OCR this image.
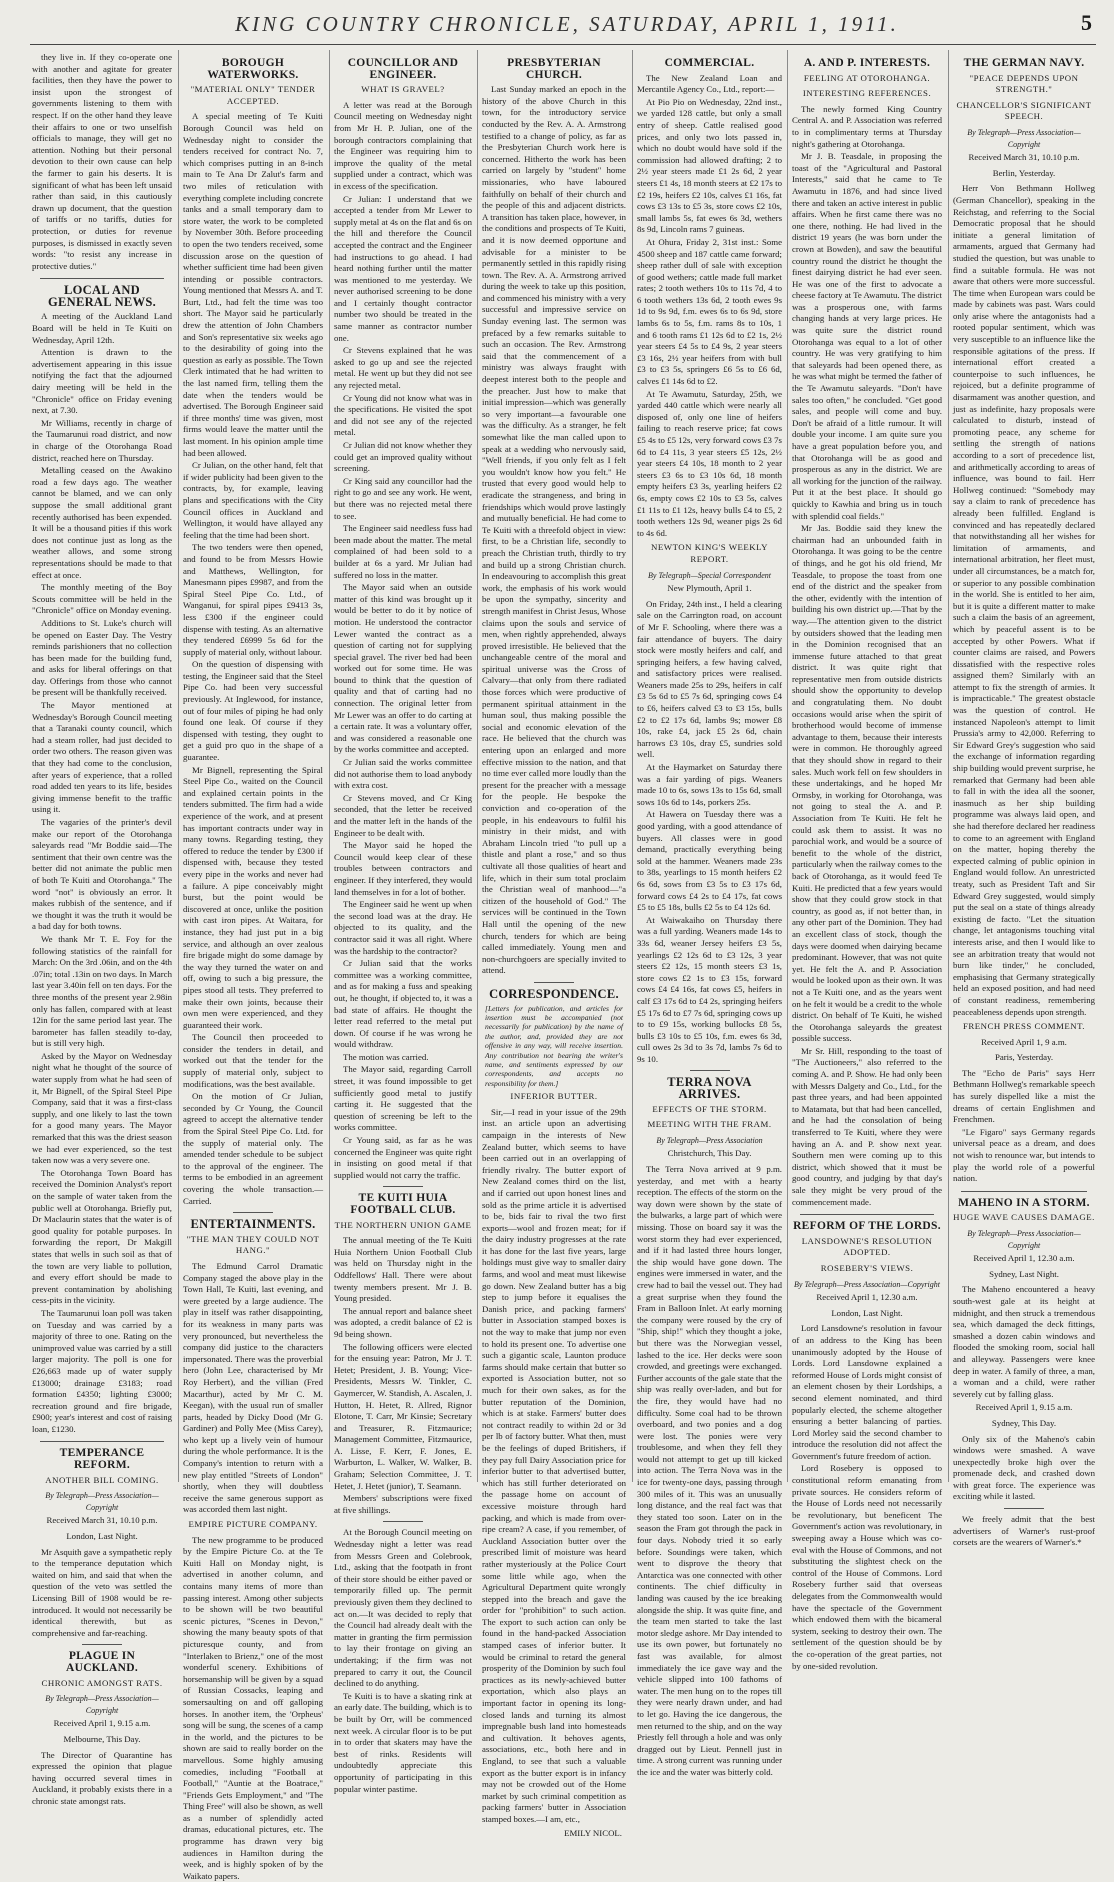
KING COUNTRY CHRONICLE, SATURDAY, APRIL 1, 1911.	5

they live in. If they co-operate one with another and agitate for greater facilities, then they have the power to insist upon the strongest of governments listening to them with respect. If on the other hand they leave their affairs to one or two unselfish officials to manage, they will get no attention. Nothing but their personal devotion to their own cause can help the farmer to gain his deserts. It is significant of what has been left unsaid rather than said, in this cautiously drawn up document, that the question of tariffs or no tariffs, duties for protection, or duties for revenue purposes, is dismissed in exactly seven words: "to resist any increase in protective duties."

LOCAL AND GENERAL NEWS.

A meeting of the Auckland Land Board will be held in Te Kuiti on Wednesday, April 12th.

Attention is drawn to the advertisement appearing in this issue notifying the fact that the adjourned dairy meeting will be held in the "Chronicle" office on Friday evening next, at 7.30.

Mr Williams, recently in charge of the Taumarunui road district, and now in charge of the Otorohanga Road district, reached here on Thursday.

Metalling ceased on the Awakino road a few days ago. The weather cannot be blamed, and we can only suppose the small additional grant recently authorised has been expended. It will be a thousand pities if this work does not continue just as long as the weather allows, and some strong representations should be made to that effect at once.

The monthly meeting of the Boy Scouts committee will be held in the "Chronicle" office on Monday evening.

Additions to St. Luke's church will be opened on Easter Day. The Vestry reminds parishioners that no collection has been made for the building fund, and asks for liberal offerings on that day. Offerings from those who cannot be present will be thankfully received.

The Mayor mentioned at Wednesday's Borough Council meeting that a Taranaki county council, which had a steam roller, had just decided to order two others. The reason given was that they had come to the conclusion, after years of experience, that a rolled road added ten years to its life, besides giving immense benefit to the traffic using it.

The vagaries of the printer's devil make our report of the Otorohanga saleyards read "Mr Boddie said—The sentiment that their own centre was the better did not animate the public men of both Te Kuiti and Otorohanga." The word "not" is obviously an error. It makes rubbish of the sentence, and if we thought it was the truth it would be a bad day for both towns.

We thank Mr T. E. Foy for the following statistics of the rainfall for March: On the 3rd .06in, and on the 4th .07in; total .13in on two days. In March last year 3.40in fell on ten days. For the three months of the present year 2.98in only has fallen, compared with at least 12in for the same period last year. The barometer has fallen steadily to-day, but is still very high.

Asked by the Mayor on Wednesday night what he thought of the source of water supply from what he had seen of it, Mr Bignell, of the Spiral Steel Pipe Company, said that it was a first-class supply, and one likely to last the town for a good many years. The Mayor remarked that this was the driest season we had ever experienced, so the test taken now was a very severe one.

The Otorohanga Town Board has received the Dominion Analyst's report on the sample of water taken from the public well at Otorohanga. Briefly put, Dr Maclaurin states that the water is of good quality for potable purposes. In forwarding the report, Dr Makgill states that wells in such soil as that of the town are very liable to pollution, and every effort should be made to prevent contamination by abolishing cess-pits in the vicinity.

The Taumarunui loan poll was taken on Tuesday and was carried by a majority of three to one. Rating on the unimproved value was carried by a still larger majority. The poll is one for £26,663 made up of water supply £13000; drainage £3183; road formation £4350; lighting £3000; recreation ground and fire brigade, £900; year's interest and cost of raising loan, £1230.

TEMPERANCE REFORM.
ANOTHER BILL COMING.
By Telegraph—Press Association—Copyright
Received March 31, 10.10 p.m.
London, Last Night.

Mr Asquith gave a sympathetic reply to the temperance deputation which waited on him, and said that when the question of the veto was settled the Licensing Bill of 1908 would be re-introduced. It would not necessarily be identical therewith, but as comprehensive and far-reaching.

PLAGUE IN AUCKLAND.
CHRONIC AMONGST RATS.
By Telegraph—Press Association—Copyright
Received April 1, 9.15 a.m.
Melbourne, This Day.

The Director of Quarantine has expressed the opinion that plague having occurred several times in Auckland, it probably exists there in a chronic state amongst rats.

BOROUGH WATERWORKS.
"MATERIAL ONLY" TENDER ACCEPTED.

A special meeting of Te Kuiti Borough Council was held on Wednesday night to consider the tenders received for contract No. 7, which comprises putting in an 8-inch main to Te Ana Dr Zalut's farm and two miles of reticulation with everything complete including concrete tanks and a small temporary dam to store water, the work to be completed by November 30th. Before proceeding to open the two tenders received, some discussion arose on the question of whether sufficient time had been given intending or possible contractors. Young mentioned that Messrs A. and T. Burt, Ltd., had felt the time was too short. The Mayor said he particularly drew the attention of John Chambers and Son's representative six weeks ago to the desirability of going into the question as early as possible. The Town Clerk intimated that he had written to the last named firm, telling them the date when the tenders would be advertised. The Borough Engineer said if three months' time was given, most firms would leave the matter until the last moment. In his opinion ample time had been allowed.

Cr Julian, on the other hand, felt that if wider publicity had been given to the contracts, by, for example, leaving plans and specifications with the City Council offices in Auckland and Wellington, it would have allayed any feeling that the time had been short.

The two tenders were then opened, and found to be from Messrs Howie and Matthews, Wellington, for Manesmann pipes £9987, and from the Spiral Steel Pipe Co. Ltd., of Wanganui, for spiral pipes £9413 3s, less £300 if the engineer could dispense with testing. As an alternative they tendered £6999 5s 6d for the supply of material only, without labour.

On the question of dispensing with testing, the Engineer said that the Steel Pipe Co. had been very successful previously. At Inglewood, for instance, out of four miles of piping he had only found one leak. Of course if they dispensed with testing, they ought to get a guid pro quo in the shape of a guarantee.

Mr Bignell, representing the Spiral Steel Pipe Co., waited on the Council and explained certain points in the tenders submitted. The firm had a wide experience of the work, and at present has important contracts under way in many towns. Regarding testing, they offered to reduce the tender by £300 if dispensed with, because they tested every pipe in the works and never had a failure. A pipe conceivably might burst, but the point would be discovered at once, unlike the position with cast iron pipes. At Waitara, for instance, they had just put in a big service, and although an over zealous fire brigade might do some damage by the way they turned the water on and off, owing to such a big pressure, the pipes stood all tests. They preferred to make their own joints, because their own men were experienced, and they guaranteed their work.

The Council then proceeded to consider the tenders in detail, and worked out that the tender for the supply of material only, subject to modifications, was the best available.

On the motion of Cr Julian, seconded by Cr Young, the Council agreed to accept the alternative tender from the Spiral Steel Pipe Co. Ltd. for the supply of material only. The amended tender schedule to be subject to the approval of the engineer. The terms to be embodied in an agreement covering the whole transaction.—Carried.

ENTERTAINMENTS.
"THE MAN THEY COULD NOT HANG."

The Edmund Carrol Dramatic Company staged the above play in the Town Hall, Te Kuiti, last evening, and were greeted by a large audience. The play in itself was rather disappointing, for its weakness in many parts was very pronounced, but nevertheless the company did justice to the characters impersonated. There was the proverbial hero (John Lee, characterised by Mr Roy Herbert), and the villian (Fred Macarthur), acted by Mr C. M. Keegan), with the usual run of smaller parts, headed by Dicky Dood (Mr G. Gardiner) and Polly Mee (Miss Carey), who kept up a lively vein of humour during the whole performance. It is the Company's intention to return with a new play entitled "Streets of London" shortly, when they will doubtless receive the same generous support as was accorded them last night.

EMPIRE PICTURE COMPANY.

The new programme to be produced by the Empire Picture Co. at the Te Kuiti Hall on Monday night, is advertised in another column, and contains many items of more than passing interest. Among other subjects to be shown will be two beautiful scenic pictures, "Scenes in Devon," showing the many beauty spots of that picturesque county, and from "Interlaken to Brienz," one of the most wonderful scenery. Exhibitions of horsemanship will be given by a squad of Russian Cossacks, leaping and somersaulting on and off galloping horses. In another item, the 'Orpheus' song will be sung, the scenes of a camp in the world, and the pictures to be shown are said to really border on the marvellous. Some highly amusing comedies, including "Football at Football," "Auntie at the Boatrace," "Friends Gets Employment," and "The Thing Free" will also be shown, as well as a number of splendidly acted dramas, educational pictures, etc. The programme has drawn very big audiences in Hamilton during the week, and is highly spoken of by the Waikato papers.

COUNCILLOR AND ENGINEER.
WHAT IS GRAVEL?

A letter was read at the Borough Council meeting on Wednesday night from Mr H. P. Julian, one of the borough contractors complaining that the Engineer was requiring him to improve the quality of the metal supplied under a contract, which was in excess of the specification.

Cr Julian: I understand that we accepted a tender from Mr Lewer to supply metal at 4s on the flat and 6s on the hill and therefore the Council accepted the contract and the Engineer had instructions to go ahead. I had heard nothing further until the matter was mentioned to me yesterday. We never authorised screening to be done and I certainly thought contractor number two should be treated in the same manner as contractor number one.

Cr Stevens explained that he was asked to go up and see the rejected metal. He went up but they did not see any rejected metal.

Cr Young did not know what was in the specifications. He visited the spot and did not see any of the rejected metal.

Cr Julian did not know whether they could get an improved quality without screening.

Cr King said any councillor had the right to go and see any work. He went, but there was no rejected metal there to see.

The Engineer said needless fuss had been made about the matter. The metal complained of had been sold to a builder at 6s a yard. Mr Julian had suffered no loss in the matter.

The Mayor said when an outside matter of this kind was brought up it would be better to do it by notice of motion. He understood the contractor Lewer wanted the contract as a question of carting not for supplying special gravel. The river bed had been worked out for some time. He was bound to think that the question of quality and that of carting had no connection. The original letter from Mr Lewer was an offer to do carting at a certain rate. It was a voluntary offer, and was considered a reasonable one by the works committee and accepted.

Cr Julian said the works committee did not authorise them to load anybody with extra cost.

Cr Stevens moved, and Cr King seconded, that the letter be received and the matter left in the hands of the Engineer to be dealt with.

The Mayor said he hoped the Council would keep clear of these troubles between contractors and engineer. If they interfered, they would land themselves in for a lot of bother.

The Engineer said he went up when the second load was at the dray. He objected to its quality, and the contractor said it was all right. Where was the hardship to the contractor?

Cr Julian said that the works committee was a working committee, and as for making a fuss and speaking out, he thought, if objected to, it was a bad state of affairs. He thought the letter read referred to the metal put down. Of course if he was wrong he would withdraw.

The motion was carried.

The Mayor said, regarding Carroll street, it was found impossible to get sufficiently good metal to justify carting it. He suggested that the question of screening be left to the works committee.

Cr Young said, as far as he was concerned the Engineer was quite right in insisting on good metal if that supplied would not carry the traffic.

TE KUITI HUIA FOOTBALL CLUB.
THE NORTHERN UNION GAME

The annual meeting of the Te Kuiti Huia Northern Union Football Club was held on Thursday night in the Oddfellows' Hall. There were about twenty members present. Mr J. B. Young presided.

The annual report and balance sheet was adopted, a credit balance of £2 is 9d being shown.

The following officers were elected for the ensuing year: Patron, Mr J. T. Hetet; President, J. B. Young; Vice-Presidents, Messrs W. Tinkler, C. Gaymercer, W. Standish, A. Ascalen, J. Hutton, H. Hetet, R. Allred, Rignor Elotone, T. Carr, Mr Kinsie; Secretary and Treasurer, R. Fitzmaurice; Management Committee, Fitzmaurice, A. Lisse, F. Kerr, F. Jones, E. Warburton, L. Walker, W. Walker, B. Graham; Selection Committee, J. T. Hetet, J. Hetet (junior), T. Seamann.

Members' subscriptions were fixed at five shillings.

At the Borough Council meeting on Wednesday night a letter was read from Messrs Green and Colebrook, Ltd., asking that the footpath in front of their store should be either paved or temporarily filled up. The permit previously given them they declined to act on.—It was decided to reply that the Council had already dealt with the matter in granting the firm permission to lay their frontage on giving an undertaking; if the firm was not prepared to carry it out, the Council declined to do anything.

Te Kuiti is to have a skating rink at an early date. The building, which is to be built by Orr, will be commenced next week. A circular floor is to be put in to order that skaters may have the best of rinks. Residents will undoubtedly appreciate this opportunity of participating in this popular winter pastime.

PRESBYTERIAN CHURCH.

Last Sunday marked an epoch in the history of the above Church in this town, for the introductory service conducted by the Rev. A. A. Armstrong testified to a change of policy, as far as the Presbyterian Church work here is concerned. Hitherto the work has been carried on largely by "student" home missionaries, who have laboured faithfully on behalf of their church and the people of this and adjacent districts. A transition has taken place, however, in the conditions and prospects of Te Kuiti, and it is now deemed opportune and advisable for a minister to be permanently settled in this rapidly rising town. The Rev. A. A. Armstrong arrived during the week to take up this position, and commenced his ministry with a very successful and impressive service on Sunday evening last. The sermon was prefaced by a few remarks suitable to such an occasion. The Rev. Armstrong said that the commencement of a ministry was always fraught with deepest interest both to the people and the preacher. Just how to make that initial impression—which was generally so very important—a favourable one was the difficulty. As a stranger, he felt somewhat like the man called upon to speak at a wedding who nervously said, "Well friends, if you only felt as I felt you wouldn't know how you felt." He trusted that every good would help to eradicate the strangeness, and bring in friendships which would prove lastingly and mutually beneficial. He had come to Te Kuiti with a threefold object in view: first, to be a Christian life, secondly to preach the Christian truth, thirdly to try and build up a strong Christian church. In endeavouring to accomplish this great work, the emphasis of his work would be upon the sympathy, sincerity and strength manifest in Christ Jesus, Whose claims upon the souls and service of men, when rightly apprehended, always proved irresistible. He believed that the unchangeable centre of the moral and spiritual universe was the Cross of Calvary—that only from there radiated those forces which were productive of permanent spiritual attainment in the human soul, thus making possible the social and economic elevation of the race. He believed that the church was entering upon an enlarged and more effective mission to the nation, and that no time ever called more loudly than the present for the preacher with a message for the people. He bespoke the conviction and co-operation of the people, in his endeavours to fulfil his ministry in their midst, and with Abraham Lincoln tried "to pull up a thistle and plant a rose," and so thus cultivate all those qualities of heart and life, which in their sum total proclaim the Christian weal of manhood—"a citizen of the household of God." The services will be continued in the Town Hall until the opening of the new church, tenders for which are being called immediately. Young men and non-churchgoers are specially invited to attend.

CORRESPONDENCE.
[Letters for publication, and articles for insertion must be accompanied (not necessarily for publication) by the name of the author, and, provided they are not offensive in any way, will receive insertion. Any contribution not bearing the writer's name, and sentiments expressed by our correspondents, and accepts no responsibility for them.]
INFERIOR BUTTER.

Sir,—I read in your issue of the 29th inst. an article upon an advertising campaign in the interests of New Zealand butter, which seems to have been carried out in an overlapping of friendly rivalry. The butter export of New Zealand comes third on the list, and if carried out upon honest lines and sold as the prime article it is advertised to be, bids fair to rival the two first exports—wool and frozen meat; for if the dairy industry progresses at the rate it has done for the last five years, large holdings must give way to smaller dairy farms, and wool and meat must likewise go down. New Zealand butter has a big step to jump before it equalises the Danish price, and packing farmers' butter in Association stamped boxes is not the way to make that jump nor even to hold its present one. To advertise one such a gigantic scale, Launton produce farms should make certain that butter so exported is Association butter, not so much for their own sakes, as for the butter reputation of the Dominion, which is at stake. Farmers' butter does not contract readily to within 2d or 3d per lb of factory butter. What then, must be the feelings of duped Britishers, if they pay full Dairy Association price for inferior butter to that advertised butter, which has still further deteriorated on the passage home on account of excessive moisture through hard packing, and which is made from over-ripe cream? A case, if you remember, of Auckland Association butter over the prescribed limit of moisture was heard rather mysteriously at the Police Court some little while ago, when the Agricultural Department quite wrongly stepped into the breach and gave the order for "prohibition" to such action. The export to such action can only be found in the hand-packed Association stamped cases of inferior butter. It would be criminal to retard the general prosperity of the Dominion by such foul practices as its newly-achieved butter exportation, which also plays an important factor in opening its long-closed lands and turning its almost impregnable bush land into homesteads and cultivation. It behoves agents, associations, etc., both here and in England, to see that such a valuable export as the butter export is in infancy may not be crowded out of the Home market by such criminal competition as packing farmers' butter in Association stamped boxes.—I am, etc.,

EMILY NICOL.
COMMERCIAL.

The New Zealand Loan and Mercantile Agency Co., Ltd., report:—

At Pio Pio on Wednesday, 22nd inst., we yarded 128 cattle, but only a small entry of sheep. Cattle realised good prices, and only two lots passed in, which no doubt would have sold if the commission had allowed drafting; 2 to 2½ year steers made £1 2s 6d, 2 year steers £1 4s, 18 month steers at £2 17s to £2 19s, heifers £2 10s, calves £1 16s, fat cows £3 13s to £5 3s, store cows £2 10s, small lambs 5s, fat ewes 6s 3d, wethers 8s 9d, Lincoln rams 7 guineas.

At Ohura, Friday 2, 31st inst.: Some 4500 sheep and 187 cattle came forward; sheep rather dull of sale with exception of good wethers; cattle made full market rates; 2 tooth wethers 10s to 11s 7d, 4 to 6 tooth wethers 13s 6d, 2 tooth ewes 9s 1d to 9s 9d, f.m. ewes 6s to 6s 9d, store lambs 6s to 5s, f.m. rams 8s to 10s, 1 and 6 tooth rams £1 12s 6d to £2 1s, 2½ year steers £4 5s to £4 9s, 2 year steers £3 16s, 2½ year heifers from with bull £3 to £3 5s, springers £6 5s to £6 6d, calves £1 14s 6d to £2.

At Te Awamutu, Saturday, 25th, we yarded 440 cattle which were nearly all disposed of, only one line of heifers failing to reach reserve price; fat cows £5 4s to £5 12s, very forward cows £3 7s 6d to £4 11s, 3 year steers £5 12s, 2½ year steers £4 10s, 18 month to 2 year steers £3 6s to £3 10s 6d, 18 month empty heifers £3 3s, yearling heifers £2 6s, empty cows £2 10s to £3 5s, calves £1 11s to £1 12s, heavy bulls £4 to £5, 2 tooth wethers 12s 9d, weaner pigs 2s 6d to 4s 6d.

NEWTON KING'S WEEKLY REPORT.
By Telegraph—Special Correspondent
New Plymouth, April 1.

On Friday, 24th inst., I held a clearing sale on the Carrington road, on account of Mr F. Schooling, where there was a fair attendance of buyers. The dairy stock were mostly heifers and calf, and springing heifers, a few having calved, and satisfactory prices were realised. Weaners made 25s to 29s, heifers in calf £3 5s 6d to £5 7s 6d, springing cows £4 to £6, heifers calved £3 to £3 15s, bulls £2 to £2 17s 6d, lambs 9s; mower £8 10s, rake £4, jack £5 2s 6d, chain harrows £3 10s, dray £5, sundries sold well.

At the Haymarket on Saturday there was a fair yarding of pigs. Weaners made 10 to 6s, sows 13s to 15s 6d, small sows 10s 6d to 14s, porkers 25s.

At Hawera on Tuesday there was a good yarding, with a good attendance of buyers. All classes were in good demand, practically everything being sold at the hammer. Weaners made 23s to 38s, yearlings to 15 month heifers £2 6s 6d, sows from £3 5s to £3 17s 6d, forward cows £4 2s to £4 17s, fat cows £5 to £5 18s, bulls £2 5s to £4 12s 6d.

At Waiwakaiho on Thursday there was a full yarding. Weaners made 14s to 33s 6d, weaner Jersey heifers £3 5s, yearlings £2 12s 6d to £3 12s, 3 year steers £2 12s, 15 month steers £3 1s, store cows £2 1s to £3 15s, forward cows £4 £4 16s, fat cows £5, heifers in calf £3 17s 6d to £4 2s, springing heifers £5 17s 6d to £7 7s 6d, springing cows up to to £9 15s, working bullocks £8 5s, bulls £3 10s to £5 10s, f.m. ewes 6s 3d, cull owes 2s 3d to 3s 7d, lambs 7s 6d to 9s 10.

TERRA NOVA ARRIVES.
EFFECTS OF THE STORM.
MEETING WITH THE FRAM.
By Telegraph—Press Association
Christchurch, This Day.

The Terra Nova arrived at 9 p.m. yesterday, and met with a hearty reception. The effects of the storm on the way down were shown by the state of the bulwarks, a large part of which were missing. Those on board say it was the worst storm they had ever experienced, and if it had lasted three hours longer, the ship would have gone down. The engines were immersed in water, and the crew had to bail the vessel out. They had a great surprise when they found the Fram in Balloon Inlet. At early morning the company were roused by the cry of "Ship, ship!" which they thought a joke, but there was the Norwegian vessel, lashed to the ice. Her decks were soon crowded, and greetings were exchanged. Further accounts of the gale state that the ship was really over-laden, and but for the fire, they would have had no difficulty. Some coal had to be thrown overboard, and two ponies and a dog were lost. The ponies were very troublesome, and when they fell they would not attempt to get up till kicked into action. The Terra Nova was in the ice for twenty-one days, passing through 300 miles of it. This was an unusually long distance, and the real fact was that they stated too soon. Later on in the season the Fram got through the pack in four days. Nobody tried it so early before. Soundings were taken, which went to disprove the theory that Antarctica was one connected with other continents. The chief difficulty in landing was caused by the ice breaking alongside the ship. It was quite fine, and the team men started to take the last motor sledge ashore. Mr Day intended to use its own power, but fortunately no fast was available, for almost immediately the ice gave way and the vehicle slipped into 100 fathoms of water. The men hung on to the ropes till they were nearly drawn under, and had to let go. Having the ice dangerous, the men returned to the ship, and on the way Priestly fell through a hole and was only dragged out by Lieut. Pennell just in time. A strong current was running under the ice and the water was bitterly cold.

A. AND P. INTERESTS.
FEELING AT OTOROHANGA.
INTERESTING REFERENCES.

The newly formed King Country Central A. and P. Association was referred to in complimentary terms at Thursday night's gathering at Otorohanga.

Mr J. B. Teasdale, in proposing the toast of the "Agricultural and Pastoral Interests," said that he came to Te Awamutu in 1876, and had since lived there and taken an active interest in public affairs. When he first came there was no one there, nothing. He had lived in the district 19 years (he was born under the crown at Bowden), and saw the beautiful country round the district he thought the finest dairying district he had ever seen. He was one of the first to advocate a cheese factory at Te Awamutu. The district was a prosperous one, with farms changing hands at very large prices. He was quite sure the district round Otorohanga was equal to a lot of other country. He was very gratifying to him that saleyards had been opened there, as he was what might be termed the father of the Te Awamutu saleyards. "Don't have sales too often," he concluded. "Get good sales, and people will come and buy. Don't be afraid of a little rumour. It will double your income. I am quite sure you have a great population before you, and that Otorohanga will be as good and prosperous as any in the district. We are all working for the junction of the railway. Put it at the best place. It should go quickly to Kawhia and bring us in touch with splendid coal fields."

Mr Jas. Boddie said they knew the chairman had an unbounded faith in Otorohanga. It was going to be the centre of things, and he got his old friend, Mr Teasdale, to propose the toast from one end of the district and the speaker from the other, evidently with the intention of building his own district up.—That by the way.—The attention given to the district by outsiders showed that the leading men in the Dominion recognised that an immense future attached to that great district. It was quite right that representative men from outside districts should show the opportunity to develop and congratulating them. No doubt occasions would arise when the spirit of brotherhood would become of immense advantage to them, because their interests were in common. He thoroughly agreed that they should show in regard to their sales. Much work fell on few shoulders in these undertakings, and he hoped Mr Ormsby, in working for Otorohanga, was not going to steal the A. and P. Association from Te Kuiti. He felt he could ask them to assist. It was no parochial work, and would be a source of benefit to the whole of the district, particularly when the railway comes to the back of Otorohanga, as it would feed Te Kuiti. He predicted that a few years would show that they could grow stock in that country, as good as, if not better than, in any other part of the Dominion. They had an excellent class of stock, though the days were doomed when dairying became predominant. However, that was not quite yet. He felt the A. and P. Association would be looked upon as their own. It was not a Te Kuiti one, and as the years went on he felt it would be a credit to the whole district. On behalf of Te Kuiti, he wished the Otorohanga saleyards the greatest possible success.

Mr Sr. Hill, responding to the toast of "The Auctioneers," also referred to the coming A. and P. Show. He had only been with Messrs Dalgety and Co., Ltd., for the past three years, and had been appointed to Matamata, but that had been cancelled, and he had the consolation of being transferred to Te Kuiti, where they were having an A. and P. show next year. Southern men were coming up to this district, which showed that it must be good country, and judging by that day's sale they might be very proud of the commencement made.

REFORM OF THE LORDS.
LANSDOWNE'S RESOLUTION ADOPTED.
ROSEBERY'S VIEWS.
By Telegraph—Press Association—Copyright
Received April 1, 12.30 a.m.
London, Last Night.

Lord Lansdowne's resolution in favour of an address to the King has been unanimously adopted by the House of Lords. Lord Lansdowne explained a reformed House of Lords might consist of an element chosen by their Lordships, a second element nominated, and third popularly elected, the scheme altogether ensuring a better balancing of parties. Lord Morley said the second chamber to introduce the resolution did not affect the Government's future freedom of action.

Lord Rosebery is opposed to constitutional reform emanating from private sources. He considers reform of the House of Lords need not necessarily be revolutionary, but beneficent The Government's action was revolutionary, in sweeping away a House which was co-eval with the House of Commons, and not substituting the slightest check on the control of the House of Commons. Lord Rosebery further said that overseas delegates from the Commonwealth would have the spectacle of the Government which endowed them with the bicameral system, seeking to destroy their own. The settlement of the question should be by the co-operation of the great parties, not by one-sided revolution.

THE GERMAN NAVY.
"PEACE DEPENDS UPON STRENGTH."
CHANCELLOR'S SIGNIFICANT SPEECH.
By Telegraph—Press Association—Copyright
Received March 31, 10.10 p.m.
Berlin, Yesterday.

Herr Von Bethmann Hollweg (German Chancellor), speaking in the Reichstag, and referring to the Social Democratic proposal that he should initiate a general limitation of armaments, argued that Germany had studied the question, but was unable to find a suitable formula. He was not aware that others were more successful. The time when European wars could be made by cabinets was past. Wars could only arise where the antagonists had a rooted popular sentiment, which was very susceptible to an influence like the responsible agitations of the press. If international effort created a counterpoise to such influences, he rejoiced, but a definite programme of disarmament was another question, and just as indefinite, hazy proposals were calculated to disturb, instead of promoting peace, any scheme for settling the strength of nations according to a sort of precedence list, and arithmetically according to areas of influence, was bound to fail. Herr Hollweg continued: "Somebody may say a claim to rank of precedence has already been fulfilled. England is convinced and has repeatedly declared that notwithstanding all her wishes for limitation of armaments, and international arbitration, her fleet must, under all circumstances, be a match for, or superior to any possible combination in the world. She is entitled to her aim, but it is quite a different matter to make such a claim the basis of an agreement, which by peaceful assent is to be accepted by other Powers. What if counter claims are raised, and Powers dissatisfied with the respective roles assigned them? Similarly with an attempt to fix the strength of armies. It is impracticable." The greatest obstacle was the question of control. He instanced Napoleon's attempt to limit Prussia's army to 42,000. Referring to Sir Edward Grey's suggestion who said the exchange of information regarding ship building would prevent surprise, he remarked that Germany had been able to fall in with the idea all the sooner, inasmuch as her ship building programme was always laid open, and she had therefore declared her readiness to come to an agreement with England on the matter, hoping thereby the expected calming of public opinion in England would follow. An unrestricted treaty, such as President Taft and Sir Edward Grey suggested, would simply put the seal on a state of things already existing de facto. "Let the situation change, let antagonisms touching vital interests arise, and then I would like to see an arbitration treaty that would not burn like tinder," he concluded, emphasising that Germany strategically held an exposed position, and had need of constant readiness, remembering peaceableness depends upon strength.

FRENCH PRESS COMMENT.
Received April 1, 9 a.m.
Paris, Yesterday.

The "Echo de Paris" says Herr Bethmann Hollweg's remarkable speech has surely dispelled like a mist the dreams of certain Englishmen and Frenchmen.

"Le Figaro" says Germany regards universal peace as a dream, and does not wish to renounce war, but intends to play the world role of a powerful nation.

MAHENO IN A STORM.
HUGE WAVE CAUSES DAMAGE.
By Telegraph—Press Association—Copyright
Received April 1, 12.30 a.m.
Sydney, Last Night.

The Maheno encountered a heavy south-west gale at its height at midnight, and then struck a tremendous sea, which damaged the deck fittings, smashed a dozen cabin windows and flooded the smoking room, social hall and alleyway. Passengers were knee deep in water. A family of three, a man, a woman and a child, were rather severely cut by falling glass.

Received April 1, 9.15 a.m.
Sydney, This Day.

Only six of the Maheno's cabin windows were smashed. A wave unexpectedly broke high over the promenade deck, and crashed down with great force. The experience was exciting while it lasted.

We freely admit that the best advertisers of Warner's rust-proof corsets are the wearers of Warner's.*
